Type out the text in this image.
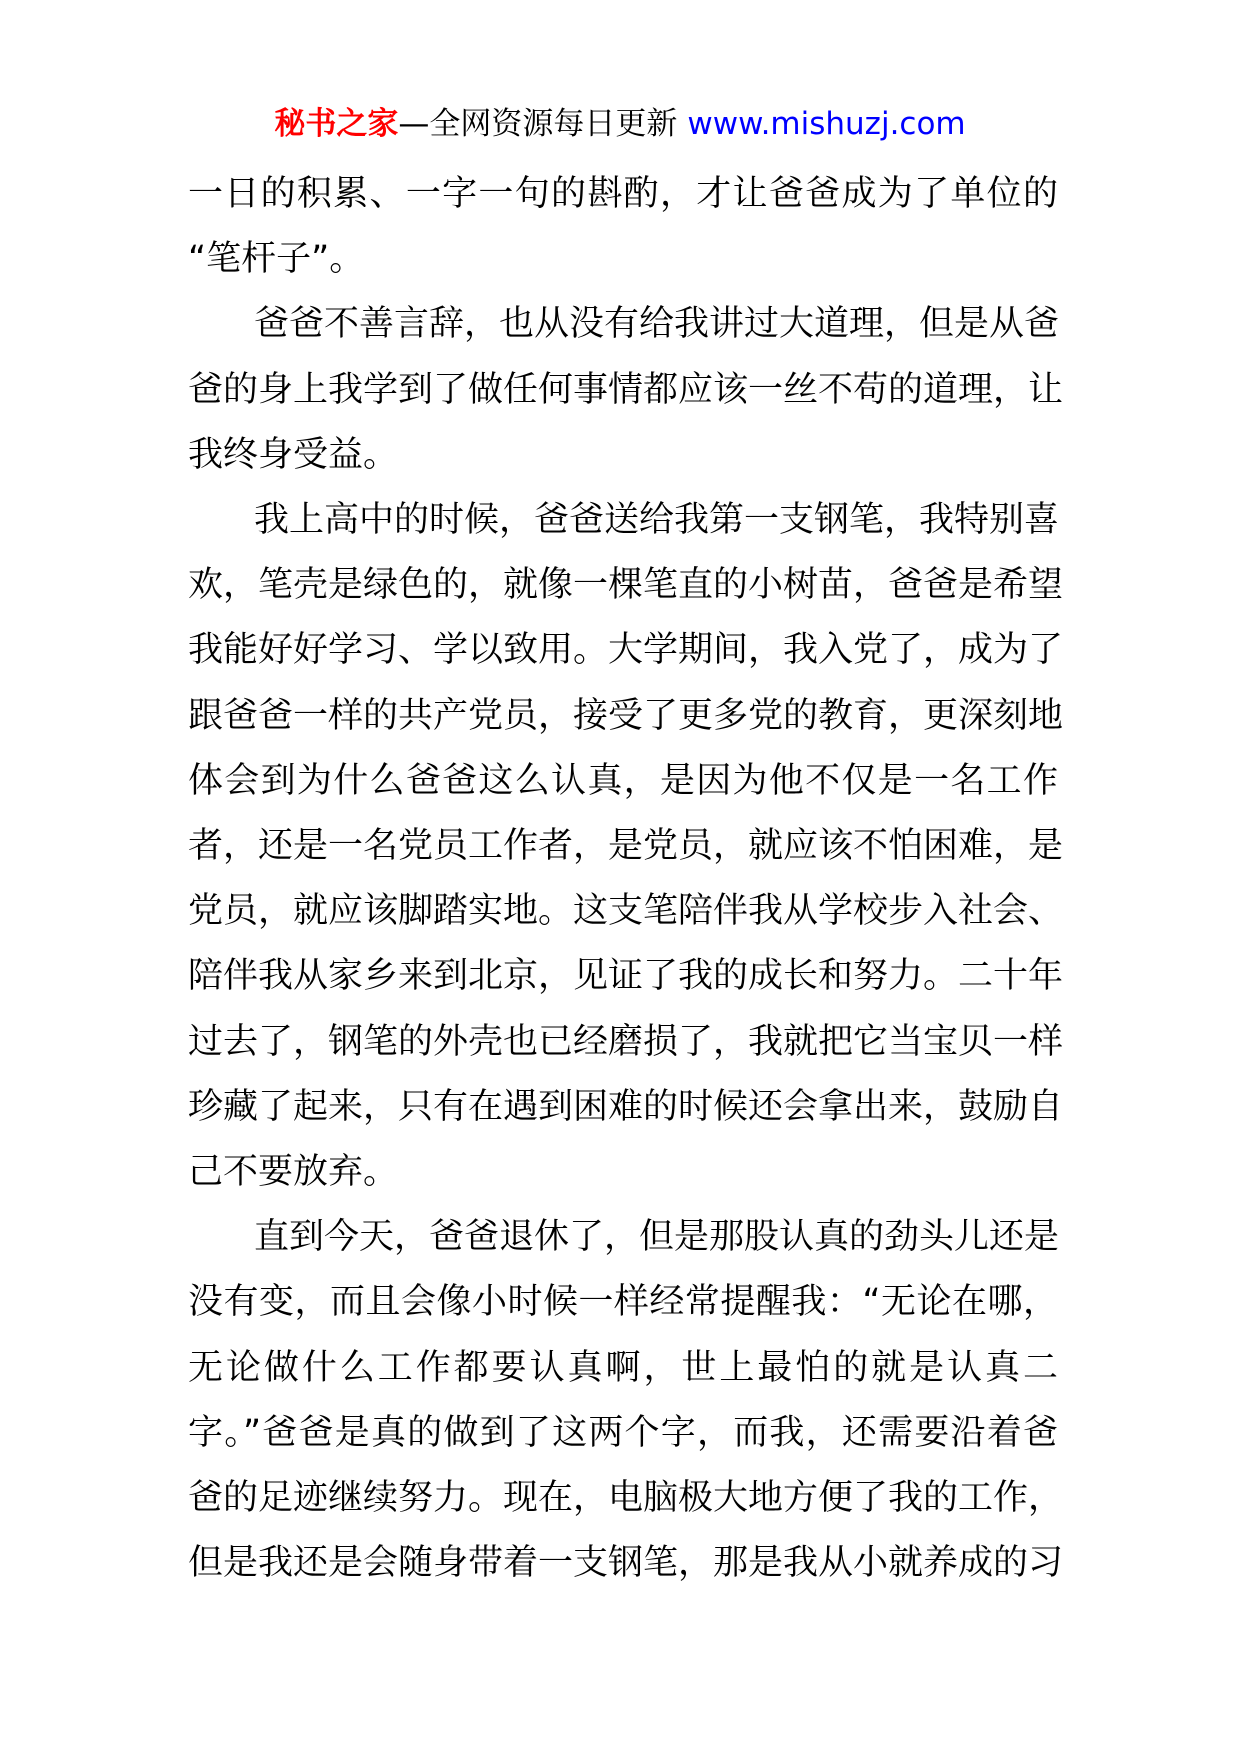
秘书之家—全网资源每日更新 www.mishuzj.com

一日的积累、一字一句的斟酌，才让爸爸成为了单位的
“笔杆子”。

爸爸不善言辞，也从没有给我讲过大道理，但是从爸
爸的身上我学到了做任何事情都应该一丝不苟的道理，让
我终身受益。

我上高中的时候，爸爸送给我第一支钢笔，我特别喜
欢，笔壳是绿色的，就像一棵笔直的小树苗，爸爸是希望
我能好好学习、学以致用。大学期间，我入党了，成为了
跟爸爸一样的共产党员，接受了更多党的教育，更深刻地
体会到为什么爸爸这么认真，是因为他不仅是一名工作
者，还是一名党员工作者，是党员，就应该不怕困难，是
党员，就应该脚踏实地。这支笔陪伴我从学校步入社会、
陪伴我从家乡来到北京，见证了我的成长和努力。二十年
过去了，钢笔的外壳也已经磨损了，我就把它当宝贝一样
珍藏了起来，只有在遇到困难的时候还会拿出来，鼓励自
己不要放弃。

直到今天，爸爸退休了，但是那股认真的劲头儿还是
没有变，而且会像小时候一样经常提醒我：“无论在哪，
无论做什么工作都要认真啊，世上最怕的就是认真二
字。”爸爸是真的做到了这两个字，而我，还需要沿着爸
爸的足迹继续努力。现在，电脑极大地方便了我的工作，
但是我还是会随身带着一支钢笔，那是我从小就养成的习
